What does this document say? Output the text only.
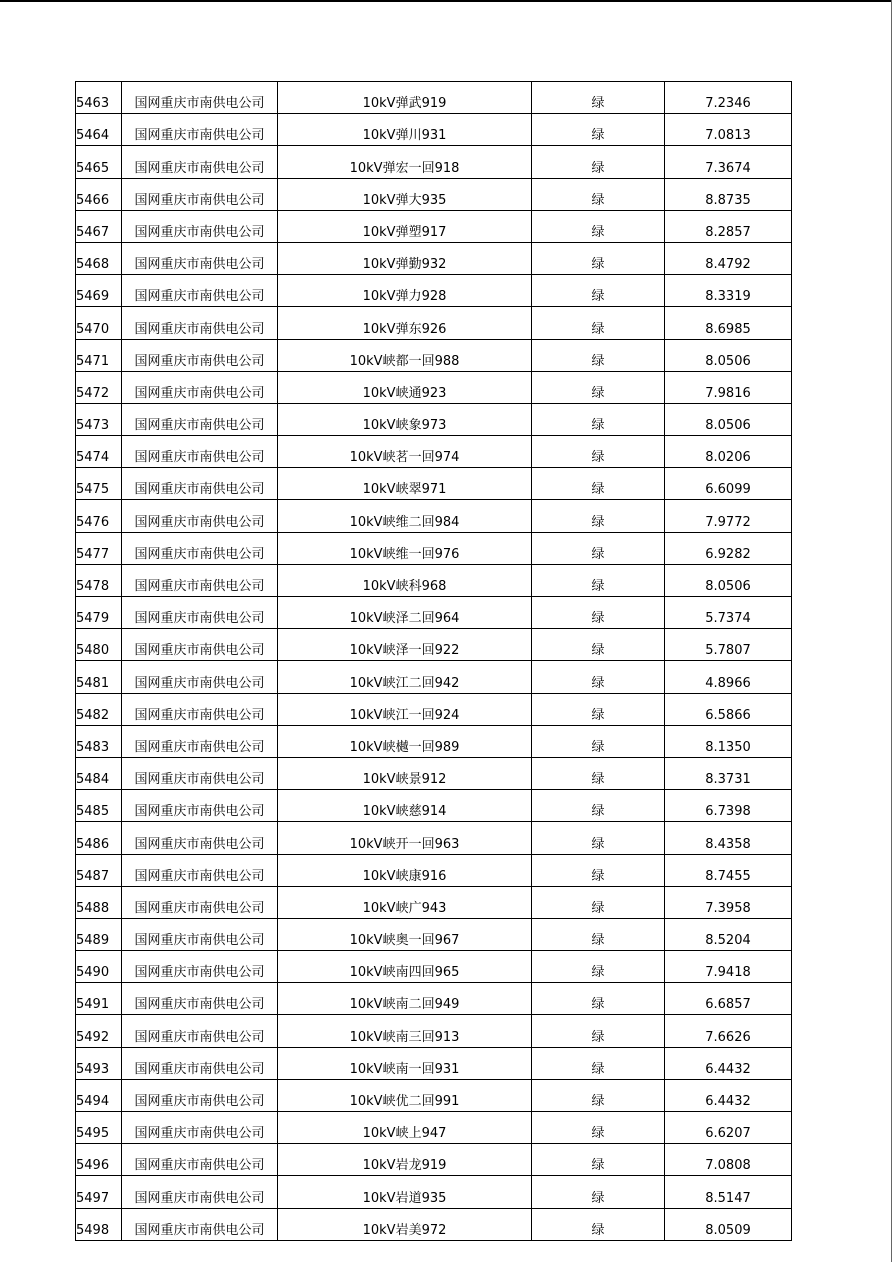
5463	国网重庆市南供电公司	10kV弹武919	绿	7.2346
5464	国网重庆市南供电公司	10kV弹川931	绿	7.0813
5465	国网重庆市南供电公司	10kV弹宏一回918	绿	7.3674
5466	国网重庆市南供电公司	10kV弹大935	绿	8.8735
5467	国网重庆市南供电公司	10kV弹塑917	绿	8.2857
5468	国网重庆市南供电公司	10kV弹勤932	绿	8.4792
5469	国网重庆市南供电公司	10kV弹力928	绿	8.3319
5470	国网重庆市南供电公司	10kV弹东926	绿	8.6985
5471	国网重庆市南供电公司	10kV峡都一回988	绿	8.0506
5472	国网重庆市南供电公司	10kV峡通923	绿	7.9816
5473	国网重庆市南供电公司	10kV峡象973	绿	8.0506
5474	国网重庆市南供电公司	10kV峡茗一回974	绿	8.0206
5475	国网重庆市南供电公司	10kV峡翠971	绿	6.6099
5476	国网重庆市南供电公司	10kV峡维二回984	绿	7.9772
5477	国网重庆市南供电公司	10kV峡维一回976	绿	6.9282
5478	国网重庆市南供电公司	10kV峡科968	绿	8.0506
5479	国网重庆市南供电公司	10kV峡泽二回964	绿	5.7374
5480	国网重庆市南供电公司	10kV峡泽一回922	绿	5.7807
5481	国网重庆市南供电公司	10kV峡江二回942	绿	4.8966
5482	国网重庆市南供电公司	10kV峡江一回924	绿	6.5866
5483	国网重庆市南供电公司	10kV峡樾一回989	绿	8.1350
5484	国网重庆市南供电公司	10kV峡景912	绿	8.3731
5485	国网重庆市南供电公司	10kV峡慈914	绿	6.7398
5486	国网重庆市南供电公司	10kV峡开一回963	绿	8.4358
5487	国网重庆市南供电公司	10kV峡康916	绿	8.7455
5488	国网重庆市南供电公司	10kV峡广943	绿	7.3958
5489	国网重庆市南供电公司	10kV峡奥一回967	绿	8.5204
5490	国网重庆市南供电公司	10kV峡南四回965	绿	7.9418
5491	国网重庆市南供电公司	10kV峡南二回949	绿	6.6857
5492	国网重庆市南供电公司	10kV峡南三回913	绿	7.6626
5493	国网重庆市南供电公司	10kV峡南一回931	绿	6.4432
5494	国网重庆市南供电公司	10kV峡优二回991	绿	6.4432
5495	国网重庆市南供电公司	10kV峡上947	绿	6.6207
5496	国网重庆市南供电公司	10kV岩龙919	绿	7.0808
5497	国网重庆市南供电公司	10kV岩道935	绿	8.5147
5498	国网重庆市南供电公司	10kV岩美972	绿	8.0509
